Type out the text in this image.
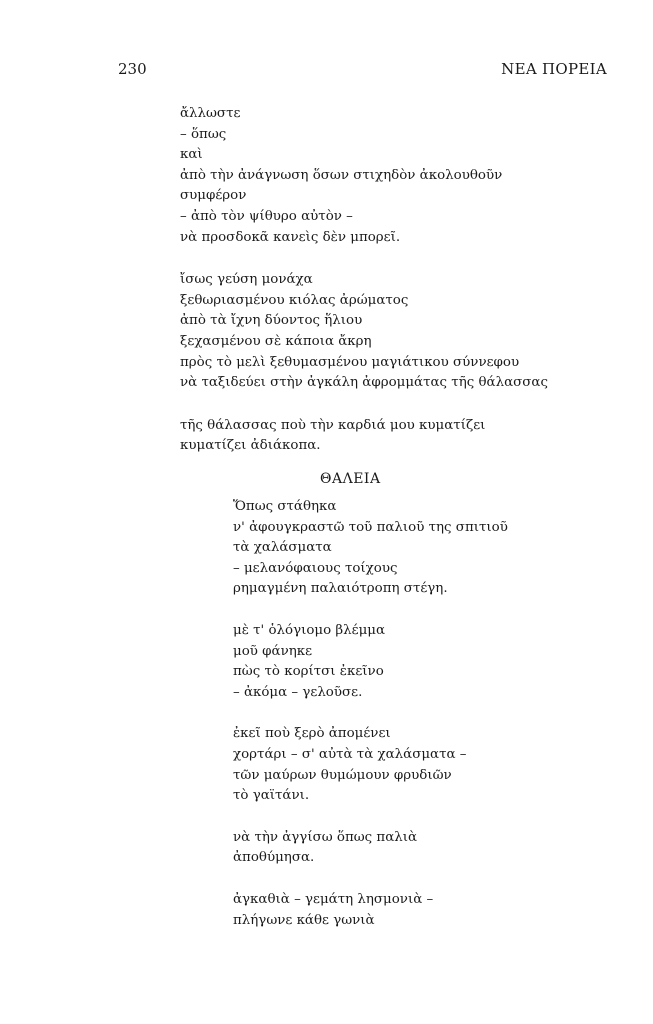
230	ΝΕΑ ΠΟΡΕΙΑ
ἄλλωστε
– ὅπως
καὶ
ἀπὸ τὴν ἀνάγνωση ὅσων στιχηδὸν ἀκολουθοῦν
συμφέρον
– ἀπὸ τὸν ψίθυρο αὐτὸν –
νὰ προσδοκᾶ κανεὶς δὲν μπορεῖ.
ἴσως γεύση μονάχα
ξεθωριασμένου κιόλας ἀρώματος
ἀπὸ τὰ ἴχνη δύοντος ἥλιου
ξεχασμένου σὲ κάποια ἄκρη
πρὸς τὸ μελὶ ξεθυμασμένου μαγιάτικου σύννεφου
νὰ ταξιδεύει στὴν ἀγκάλη ἀφρομμάτας τῆς θάλασσας
τῆς θάλασσας ποὺ τὴν καρδιά μου κυματίζει
κυματίζει ἀδιάκοπα.
ΘΑΛΕΙΑ
Ὅπως στάθηκα
ν' ἀφουγκραστῶ τοῦ παλιοῦ της σπιτιοῦ
τὰ χαλάσματα
– μελανόφαιους τοίχους
ρημαγμένη παλαιότροπη στέγη.
μὲ τ' ὁλόγιομο βλέμμα
μοῦ φάνηκε
πὼς τὸ κορίτσι ἐκεῖνο
– ἀκόμα – γελοῦσε.
ἐκεῖ ποὺ ξερὸ ἀπομένει
χορτάρι – σ' αὐτὰ τὰ χαλάσματα –
τῶν μαύρων θυμώμουν φρυδιῶν
τὸ γαϊτάνι.
νὰ τὴν ἀγγίσω ὅπως παλιὰ
ἀποθύμησα.
ἀγκαθιὰ – γεμάτη λησμονιὰ –
πλήγωνε κάθε γωνιὰ
